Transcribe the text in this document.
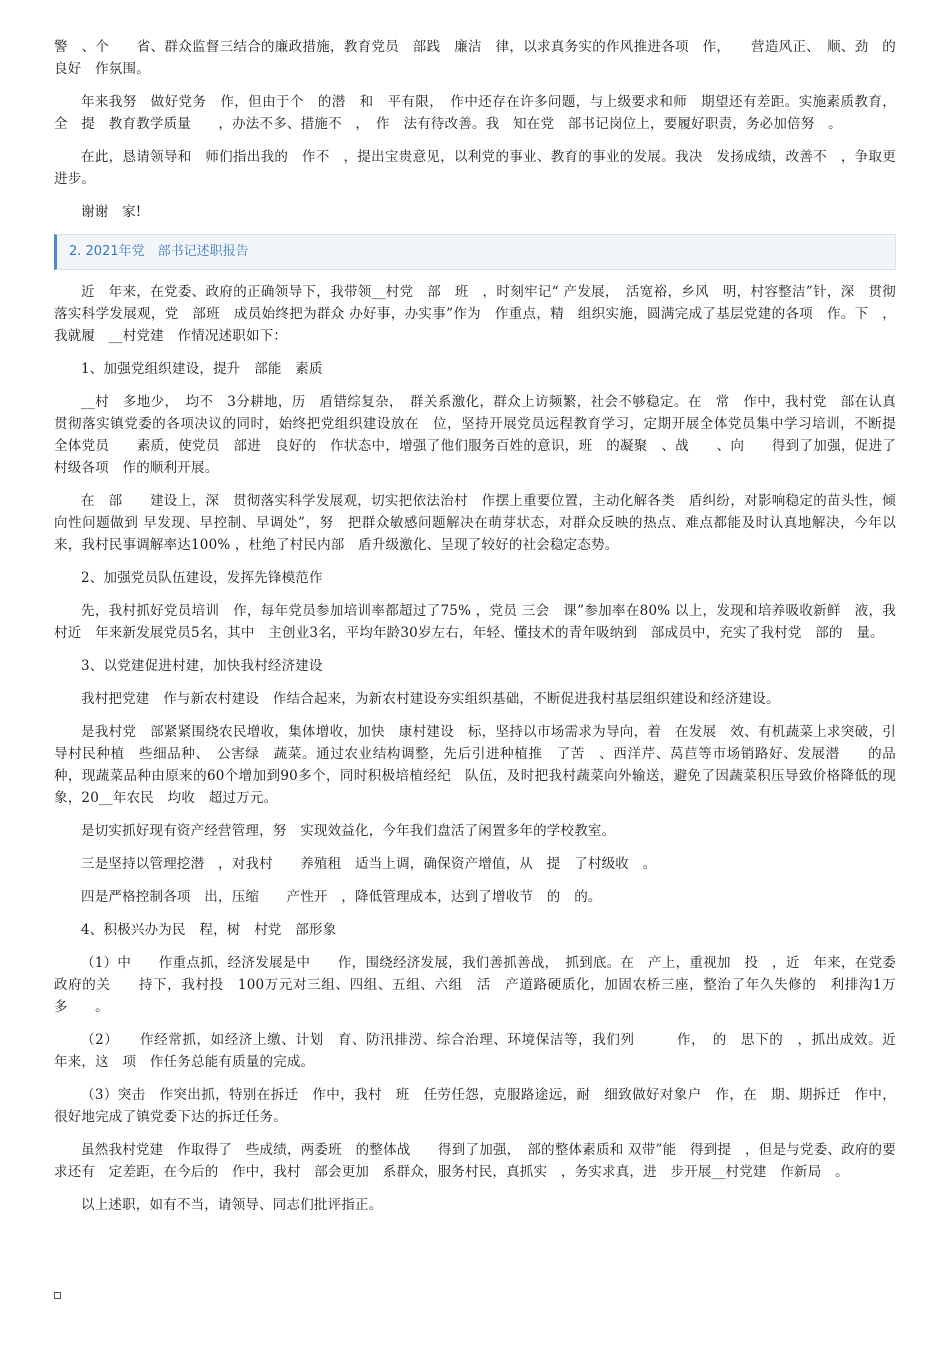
警　、个　　省、群众监督三结合的廉政措施，教育党员　部践　廉洁　律，以求真务实的作风推进各项　作，　　营造风正、　顺、劲　的良好　作氛围。

年来我努　做好党务　作，但由于个　的潜　和　平有限，　作中还存在许多问题，与上级要求和师　期望还有差距。实施素质教育，全　提　教育教学质量　　，办法不多、措施不　，　作　法有待改善。我　知在党　部书记岗位上，要履好职责，务必加倍努　。

在此，恳请领导和　师们指出我的　作不　，提出宝贵意见，以利党的事业、教育的事业的发展。我决　发扬成绩，改善不　，争取更　进步。

谢谢　家!

2. 2021年党　部书记述职报告

近　年来，在党委、政府的正确领导下，我带领__村党　部　班　，时刻牢记“ 产发展，　活宽裕，乡风　明，村容整洁”针，深　贯彻落实科学发展观，党　部班　成员始终把为群众 办好事，办实事”作为　作重点，精　组织实施，圆满完成了基层党建的各项　作。下　，我就履　__村党建　作情况述职如下：

1、加强党组织建设，提升　部能　素质

__村　多地少，　均不　3分耕地，历　盾错综复杂，　群关系激化，群众上访频繁，社会不够稳定。在　常　作中，我村党　部在认真贯彻落实镇党委的各项决议的同时，始终把党组织建设放在　位，坚持开展党员远程教育学习，定期开展全体党员集中学习培训，不断提　全体党员　　素质，使党员　部进　良好的　作状态中，增强了他们服务百姓的意识，班　的凝聚　、战　　、向　　得到了加强，促进了村级各项　作的顺利开展。

在　部　　建设上，深　贯彻落实科学发展观，切实把依法治村　作摆上重要位置，主动化解各类　盾纠纷，对影响稳定的苗头性，倾向性问题做到 早发现、早控制、早调处”，努　把群众敏感问题解决在萌芽状态，对群众反映的热点、难点都能及时认真地解决，今年以来，我村民事调解率达100% ，杜绝了村民内部　盾升级激化、呈现了较好的社会稳定态势。

2、加强党员队伍建设，发挥先锋模范作

先，我村抓好党员培训　作，每年党员参加培训率都超过了75% ，党员 三会　课”参加率在80% 以上，发现和培养吸收新鲜　液，我村近　年来新发展党员5名，其中　主创业3名，平均年龄30岁左右，年轻、懂技术的青年吸纳到　部成员中，充实了我村党　部的　量。

3、以党建促进村建，加快我村经济建设

我村把党建　作与新农村建设　作结合起来，为新农村建设夯实组织基础，不断促进我村基层组织建设和经济建设。

是我村党　部紧紧围绕农民增收，集体增收，加快　康村建设　标，坚持以市场需求为导向，着　在发展　效、有机蔬菜上求突破，引导村民种植　些细品种、　公害绿　蔬菜。通过农业结构调整，先后引进种植推　了苦　、西洋芹、莴苣等市场销路好、发展潜　　的品种，现蔬菜品种由原来的60个增加到90多个，同时积极培植经纪　队伍，及时把我村蔬菜向外输送，避免了因蔬菜积压导致价格降低的现象，20__年农民　均收　超过万元。

是切实抓好现有资产经营管理，努　实现效益化，今年我们盘活了闲置多年的学校教室。

三是坚持以管理挖潜　，对我村　　养殖租　适当上调，确保资产增值，从　提　了村级收　。

四是严格控制各项　出，压缩　　产性开　，降低管理成本，达到了增收节　的　的。

4、积极兴办为民　程，树　村党　部形象

（1）中　　作重点抓，经济发展是中　　作，围绕经济发展，我们善抓善战，　抓到底。在　产上，重视加　投　，近　年来，在党委政府的关　　持下，我村投　100万元对三组、四组、五组、六组　活　产道路硬质化，加固农桥三座，整治了年久失修的　利排沟1万多　　。

（2）　　作经常抓，如经济上缴、计划　育、防汛排涝、综合治理、环境保洁等，我们列　　　作，　的　思下的　，抓出成效。近　年来，这　项　作任务总能有质量的完成。

（3）突击　作突出抓，特别在拆迁　作中，我村　班　任劳任怨，克服路途远，耐　细致做好对象户　作，在　期、期拆迁　作中，很好地完成了镇党委下达的拆迁任务。

虽然我村党建　作取得了　些成绩，两委班　的整体战　　得到了加强，　部的整体素质和 双带”能　得到提　，但是与党委、政府的要求还有　定差距，在今后的　作中，我村　部会更加　系群众，服务村民，真抓实　，务实求真，进　步开展__村党建　作新局　。

以上述职，如有不当，请领导、同志们批评指正。
